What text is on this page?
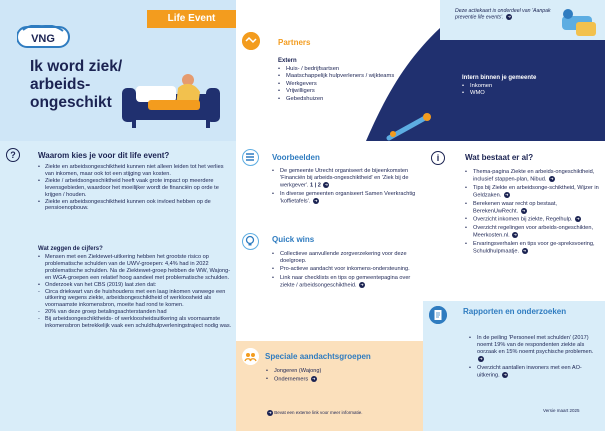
Life Event
VNG
Ik word ziek/
arbeids-
ongeschikt
?	Waarom kies je voor dit life event?
• Ziekte en arbeidsongeschiktheid kunnen niet alleen leiden tot het verlies van inkomen, maar ook tot een stijging van kosten.
• Ziekte / arbeidsongeschiktheid heeft vaak grote impact op meerdere levensgebieden, waardoor het moeilijker wordt de financiën op orde te krijgen / houden.
• Ziekte en arbeidsongeschiktheid kunnen ook invloed hebben op de pensioenopbouw.
Wat zeggen de cijfers?
• Mensen met een Ziektewet-uitkering hebben het grootste risico op problematische schulden van de UWV-groepen: 4,4% had in 2022 problematische schulden. Na de Ziektewet-groep hebben de WW, Wajong- en WGA-groepen een relatief hoog aandeel met problematische schulden.
• Onderzoek van het CBS (2019) laat zien dat:
- Circa driekwart van de huishoudens met een laag inkomen vanwege een uitkering wegens ziekte, arbeidsongeschiktheid of werkloosheid als voornaamste inkomensbron, moeite had rond te komen.
- 20% van deze groep betalingsachterstanden had
- Bij arbeidsongeschiktheids- of werkloosheidsuitkering als voornaamste inkomensbron betrekkelijk vaak een schuldhulpverleningstraject nodig was.
Partners
Extern
• Huis- / bedrijfsartsen
• Maatschappelijk hulpverleners / wijkteams
• Werkgevers
• Vrijwilligers
• Gebedshuizen
Deze actiekaart is onderdeel van 'Aanpak preventie life events'. ➜
Intern binnen je gemeente
• Inkomen
• WMO
Voorbeelden
• De gemeente Utrecht organiseert de bijeenkomsten 'Financiën bij arbeids-ongeschiktheid' en 'Ziek bij de werkgever'. 1 | 2 ➜
• In diverse gemeenten organiseert Samen Veerkrachtig 'koffietafels'. ➜
Quick wins
• Collectieve aanvullende zorgverzekering voor deze doelgroep.
• Pro-actieve aandacht voor inkomens-ondersteuning.
• Link naar checklists en tips op gemeentepagina over ziekte / arbeidsongeschiktheid. ➜
Speciale aandachtsgroepen
• Jongeren (Wajong)
• Ondernemers ➜
➜ Bevat een externe link voor meer informatie.
i	Wat bestaat er al?
• Thema-pagina Ziekte en arbeids-ongeschiktheid, inclusief stappen-plan, Nibud. ➜
• Tips bij Ziekte en arbeidsonge-schiktheid, Wijzer in Geldzaken. ➜
• Berekenen waar recht op bestaat, BerekenUwRecht. ➜
• Overzicht inkomen bij ziekte, Regelhulp. ➜
• Overzicht regelingen voor arbeids-ongeschikten, Meerkosten.nl. ➜
• Ervaringsverhalen en tips voor ge-spreksvoering, Schuldhulpmaatje. ➜
Rapporten en onderzoeken
• In de peiling 'Personeel met schulden' (2017) noemt 19% van de respondenten ziekte als oorzaak en 15% noemt psychische problemen. ➜
• Overzicht aantallen inwoners met een AO-uitkering. ➜
Versie maart 2025
